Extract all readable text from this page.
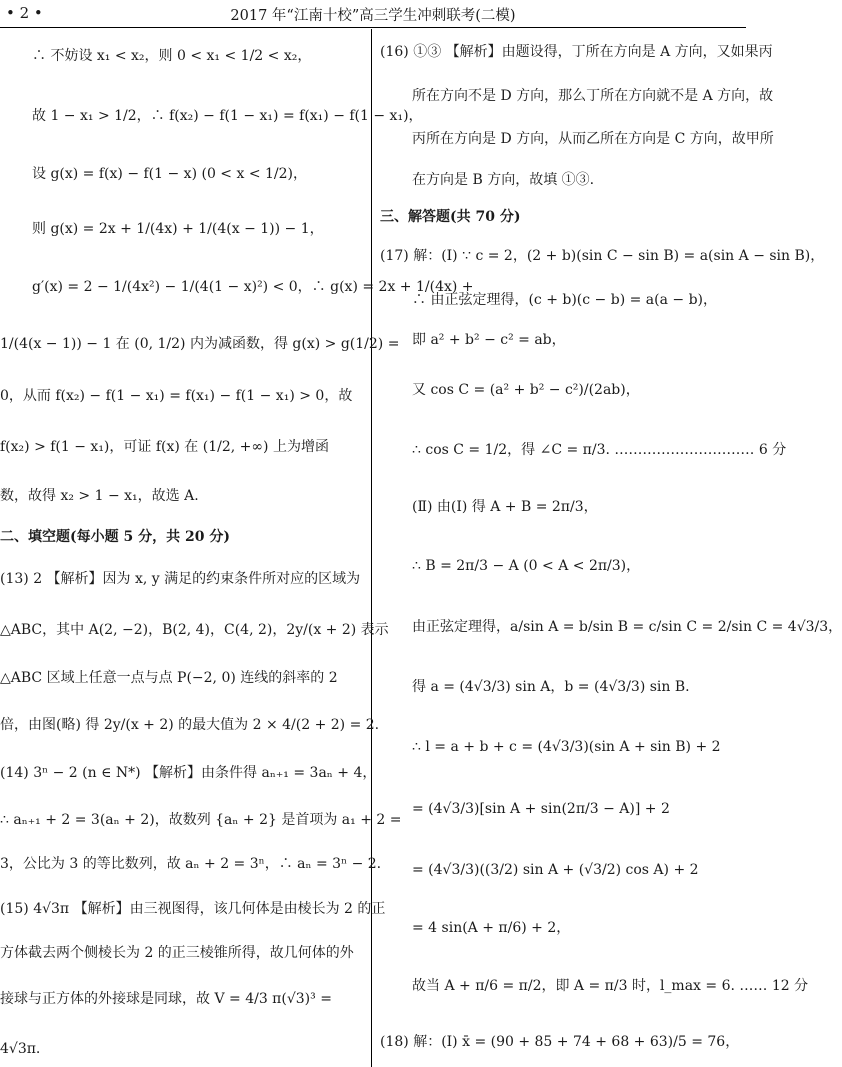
• 2 •	2017 年“江南十校”高三学生冲刺联考(二模)
∴ 不妨设 x₁ < x₂，则 0 < x₁ < 1/2 < x₂，
故 1 − x₁ > 1/2，∴ f(x₂) − f(1 − x₁) = f(x₁) − f(1 − x₁)，
设 g(x) = f(x) − f(1 − x) (0 < x < 1/2)，
则 g(x) = 2x + 1/(4x) + 1/(4(x − 1)) − 1，
g′(x) = 2 − 1/(4x²) − 1/(4(1 − x)²) < 0，∴ g(x) = 2x + 1/(4x) +
1/(4(x − 1)) − 1 在 (0, 1/2) 内为减函数，得 g(x) > g(1/2) =
0，从而 f(x₂) − f(1 − x₁) = f(x₁) − f(1 − x₁) > 0，故
f(x₂) > f(1 − x₁)，可证 f(x) 在 (1/2, +∞) 上为增函
数，故得 x₂ > 1 − x₁，故选 A.
二、填空题(每小题 5 分，共 20 分)
(13) 2 【解析】因为 x, y 满足的约束条件所对应的区域为
△ABC，其中 A(2, −2)，B(2, 4)，C(4, 2)，2y/(x + 2) 表示
△ABC 区域上任意一点与点 P(−2, 0) 连线的斜率的 2
倍，由图(略) 得 2y/(x + 2) 的最大值为 2 × 4/(2 + 2) = 2.
(14) 3ⁿ − 2 (n ∈ N*) 【解析】由条件得 aₙ₊₁ = 3aₙ + 4，
∴ aₙ₊₁ + 2 = 3(aₙ + 2)，故数列 {aₙ + 2} 是首项为 a₁ + 2 =
3，公比为 3 的等比数列，故 aₙ + 2 = 3ⁿ，∴ aₙ = 3ⁿ − 2.
(15) 4√3π 【解析】由三视图得，该几何体是由棱长为 2 的正
方体截去两个侧棱长为 2 的正三棱锥所得，故几何体的外
接球与正方体的外接球是同球，故 V = 4/3 π(√3)³ =
4√3π.
(16) ①③ 【解析】由题设得，丁所在方向是 A 方向，又如果丙
所在方向不是 D 方向，那么丁所在方向就不是 A 方向，故
丙所在方向是 D 方向，从而乙所在方向是 C 方向，故甲所
在方向是 B 方向，故填 ①③.
三、解答题(共 70 分)
(17) 解：(Ⅰ) ∵ c = 2，(2 + b)(sin C − sin B) = a(sin A − sin B)，
∴ 由正弦定理得，(c + b)(c − b) = a(a − b)，
即 a² + b² − c² = ab，
又 cos C = (a² + b² − c²)/(2ab)，
∴ cos C = 1/2，得 ∠C = π/3. ………………………… 6 分
(Ⅱ) 由(Ⅰ) 得 A + B = 2π/3，
∴ B = 2π/3 − A (0 < A < 2π/3)，
由正弦定理得，a/sin A = b/sin B = c/sin C = 2/sin C = 4√3/3，
得 a = (4√3/3) sin A，b = (4√3/3) sin B.
∴ l = a + b + c = (4√3/3)(sin A + sin B) + 2
= (4√3/3)[sin A + sin(2π/3 − A)] + 2
= (4√3/3)((3/2) sin A + (√3/2) cos A) + 2
= 4 sin(A + π/6) + 2，
故当 A + π/6 = π/2，即 A = π/3 时，l_max = 6. …… 12 分
(18) 解：(Ⅰ) x̄ = (90 + 85 + 74 + 68 + 63)/5 = 76，
